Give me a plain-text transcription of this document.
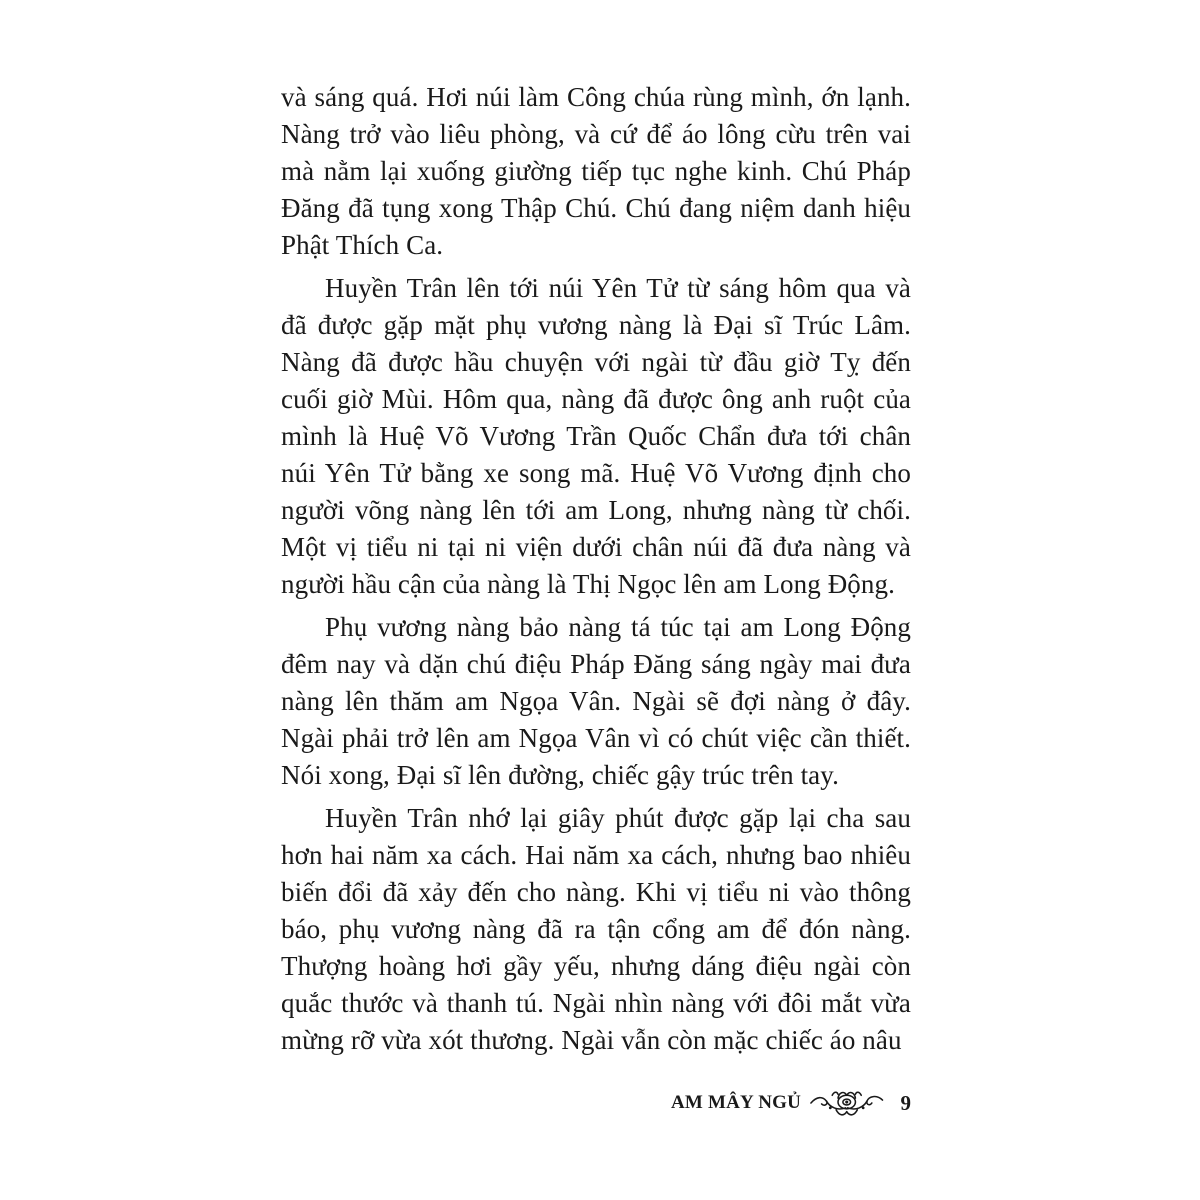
và sáng quá. Hơi núi làm Công chúa rùng mình, ớn lạnh.
Nàng trở vào liêu phòng, và cứ để áo lông cừu trên vai
mà nằm lại xuống giường tiếp tục nghe kinh. Chú Pháp
Đăng đã tụng xong Thập Chú. Chú đang niệm danh hiệu
Phật Thích Ca.

Huyền Trân lên tới núi Yên Tử từ sáng hôm qua và
đã được gặp mặt phụ vương nàng là Đại sĩ Trúc Lâm.
Nàng đã được hầu chuyện với ngài từ đầu giờ Tỵ đến
cuối giờ Mùi. Hôm qua, nàng đã được ông anh ruột của
mình là Huệ Võ Vương Trần Quốc Chẩn đưa tới chân
núi Yên Tử bằng xe song mã. Huệ Võ Vương định cho
người võng nàng lên tới am Long, nhưng nàng từ chối.
Một vị tiểu ni tại ni viện dưới chân núi đã đưa nàng và
người hầu cận của nàng là Thị Ngọc lên am Long Động.

Phụ vương nàng bảo nàng tá túc tại am Long Động
đêm nay và dặn chú điệu Pháp Đăng sáng ngày mai đưa
nàng lên thăm am Ngọa Vân. Ngài sẽ đợi nàng ở đây.
Ngài phải trở lên am Ngọa Vân vì có chút việc cần thiết.
Nói xong, Đại sĩ lên đường, chiếc gậy trúc trên tay.

Huyền Trân nhớ lại giây phút được gặp lại cha sau
hơn hai năm xa cách. Hai năm xa cách, nhưng bao nhiêu
biến đổi đã xảy đến cho nàng. Khi vị tiểu ni vào thông
báo, phụ vương nàng đã ra tận cổng am để đón nàng.
Thượng hoàng hơi gầy yếu, nhưng dáng điệu ngài còn
quắc thước và thanh tú. Ngài nhìn nàng với đôi mắt vừa
mừng rỡ vừa xót thương. Ngài vẫn còn mặc chiếc áo nâu

AM MÂY NGỦ	9
